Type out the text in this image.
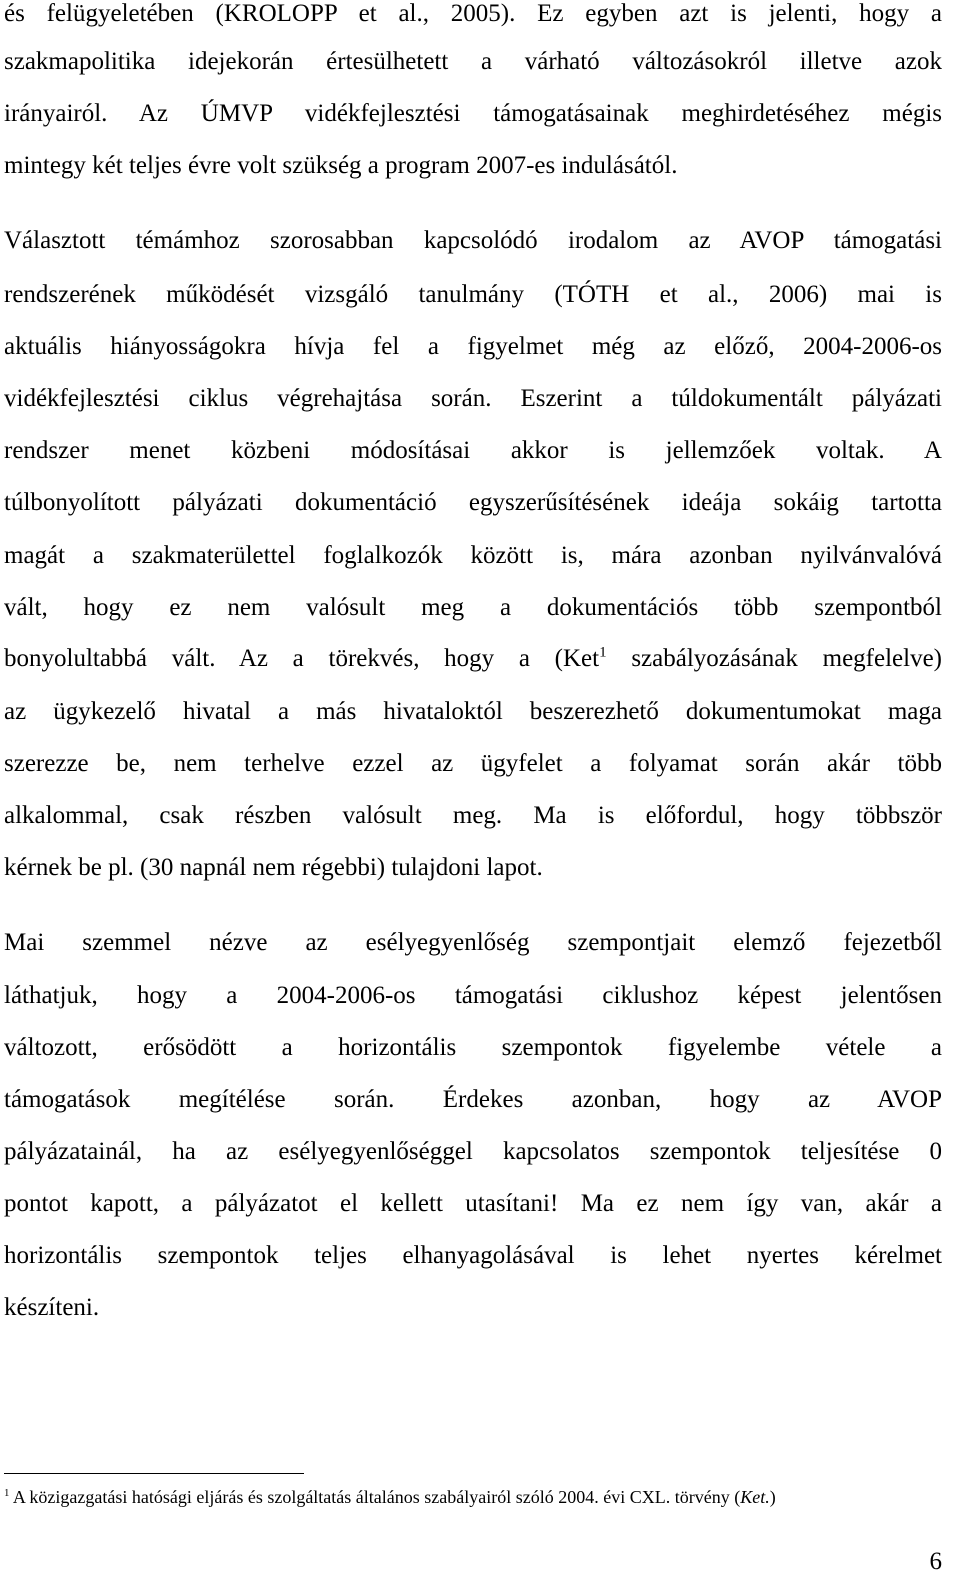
és felügyeletében (KROLOPP et al., 2005). Ez egyben azt is jelenti, hogy a
szakmapolitika idejekorán értesülhetett a várható változásokról illetve azok
irányairól. Az ÚMVP vidékfejlesztési támogatásainak meghirdetéséhez mégis
mintegy két teljes évre volt szükség a program 2007-es indulásától.
Választott témámhoz szorosabban kapcsolódó irodalom az AVOP támogatási
rendszerének működését vizsgáló tanulmány (TÓTH et al., 2006) mai is
aktuális hiányosságokra hívja fel a figyelmet még az előző, 2004-2006-os
vidékfejlesztési ciklus végrehajtása során. Eszerint a túldokumentált pályázati
rendszer menet közbeni módosításai akkor is jellemzőek voltak. A
túlbonyolított pályázati dokumentáció egyszerűsítésének ideája sokáig tartotta
magát a szakmaterülettel foglalkozók között is, mára azonban nyilvánvalóvá
vált, hogy ez nem valósult meg a dokumentációs több szempontból
bonyolultabbá vált. Az a törekvés, hogy a (Ket$^1$ szabályozásának megfelelve)
az ügykezelő hivatal a más hivataloktól beszerezhető dokumentumokat maga
szerezze be, nem terhelve ezzel az ügyfelet a folyamat során akár több
alkalommal, csak részben valósult meg. Ma is előfordul, hogy többször
kérnek be pl. (30 napnál nem régebbi) tulajdoni lapot.
Mai szemmel nézve az esélyegyenlőség szempontjait elemző fejezetből
láthatjuk, hogy a 2004-2006-os támogatási ciklushoz képest jelentősen
változott, erősödött a horizontális szempontok figyelembe vétele a
támogatások megítélése során. Érdekes azonban, hogy az AVOP
pályázatainál, ha az esélyegyenlőséggel kapcsolatos szempontok teljesítése 0
pontot kapott, a pályázatot el kellett utasítani! Ma ez nem így van, akár a
horizontális szempontok teljes elhanyagolásával is lehet nyertes kérelmet
készíteni.
$^1$ A közigazgatási hatósági eljárás és szolgáltatás általános szabályairól szóló 2004. évi CXL. törvény (Ket.)
6
